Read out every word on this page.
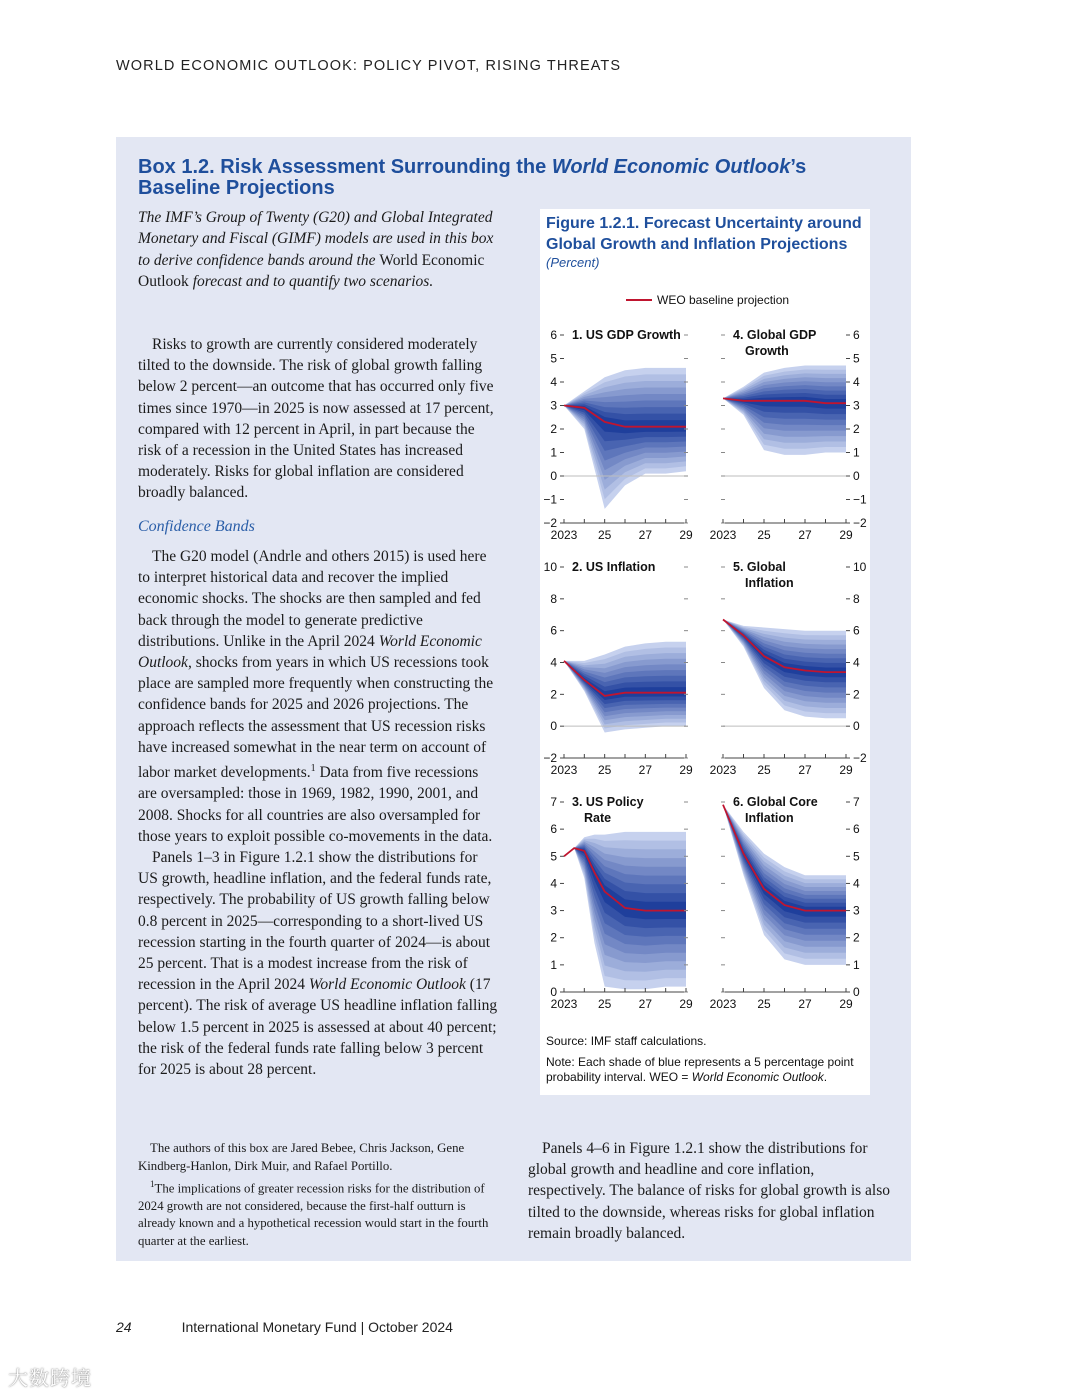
WORLD ECONOMIC OUTLOOK: POLICY PIVOT, RISING THREATS
Box 1.2. Risk Assessment Surrounding the World Economic Outlook’s Baseline Projections
The IMF’s Group of Twenty (G20) and Global Integrated Monetary and Fiscal (GIMF) models are used in this box to derive confidence bands around the World Economic Outlook forecast and to quantify two scenarios.

Risks to growth are currently considered moderately tilted to the downside. The risk of global growth falling below 2 percent—an outcome that has occurred only five times since 1970—in 2025 is now assessed at 17 percent, compared with 12 percent in April, in part because the risk of a recession in the United States has increased moderately. Risks for global inflation are considered broadly balanced.

Confidence Bands

The G20 model (Andrle and others 2015) is used here to interpret historical data and recover the implied economic shocks. The shocks are then sampled and fed back through the model to generate predictive distributions. Unlike in the April 2024 World Economic Outlook, shocks from years in which US recessions took place are sampled more frequently when constructing the confidence bands for 2025 and 2026 projections. The approach reflects the assessment that US recession risks have increased somewhat in the near term on account of labor market developments.$^1$ Data from five recessions are oversampled: those in 1969, 1982, 1990, 2001, and 2008. Shocks for all countries are also oversampled for those years to exploit possible co-movements in the data.

Panels 1–3 in Figure 1.2.1 show the distributions for US growth, headline inflation, and the federal funds rate, respectively. The probability of US growth falling below 0.8 percent in 2025—corresponding to a short-lived US recession starting in the fourth quarter of 2024—is about 25 percent. That is a modest increase from the risk of recession in the April 2024 World Economic Outlook (17 percent). The risk of average US headline inflation falling below 1.5 percent in 2025 is assessed at about 40 percent; the risk of the federal funds rate falling below 3 percent for 2025 is about 28 percent.

The authors of this box are Jared Bebee, Chris Jackson, Gene Kindberg-Hanlon, Dirk Muir, and Rafael Portillo.

$^1$The implications of greater recession risks for the distribution of 2024 growth are not considered, because the first-half outturn is already known and a hypothetical recession would start in the fourth quarter at the earliest.

Panels 4–6 in Figure 1.2.1 show the distributions for global growth and headline and core inflation, respectively. The balance of risks for global growth is also tilted to the downside, whereas risks for global inflation remain broadly balanced.

Figure 1.2.1. Forecast Uncertainty around Global Growth and Inflation Projections
(Percent)
WEO baseline projection
−2
−1
0
1
2
3
4
5
6
2023 25 27 29
1. US GDP Growth
−2
0
2
4
6
8
10
2023 25 27 29
2. US Inflation
0
1
2
3
4
5
6
7
2023 25 27 29
3. US Policy Rate
−2
−1
0
1
2
3
4
5
6
2023 25 27 29
4. Global GDP Growth
−2
0
2
4
6
8
10
2023 25 27 29
5. Global Inflation
0
1
2
3
4
5
6
7
2023 25 27 29
6. Global Core Inflation
Source: IMF staff calculations.
Note: Each shade of blue represents a 5 percentage point probability interval. WEO = World Economic Outlook.
24	International Monetary Fund | October 2024
大数跨境
